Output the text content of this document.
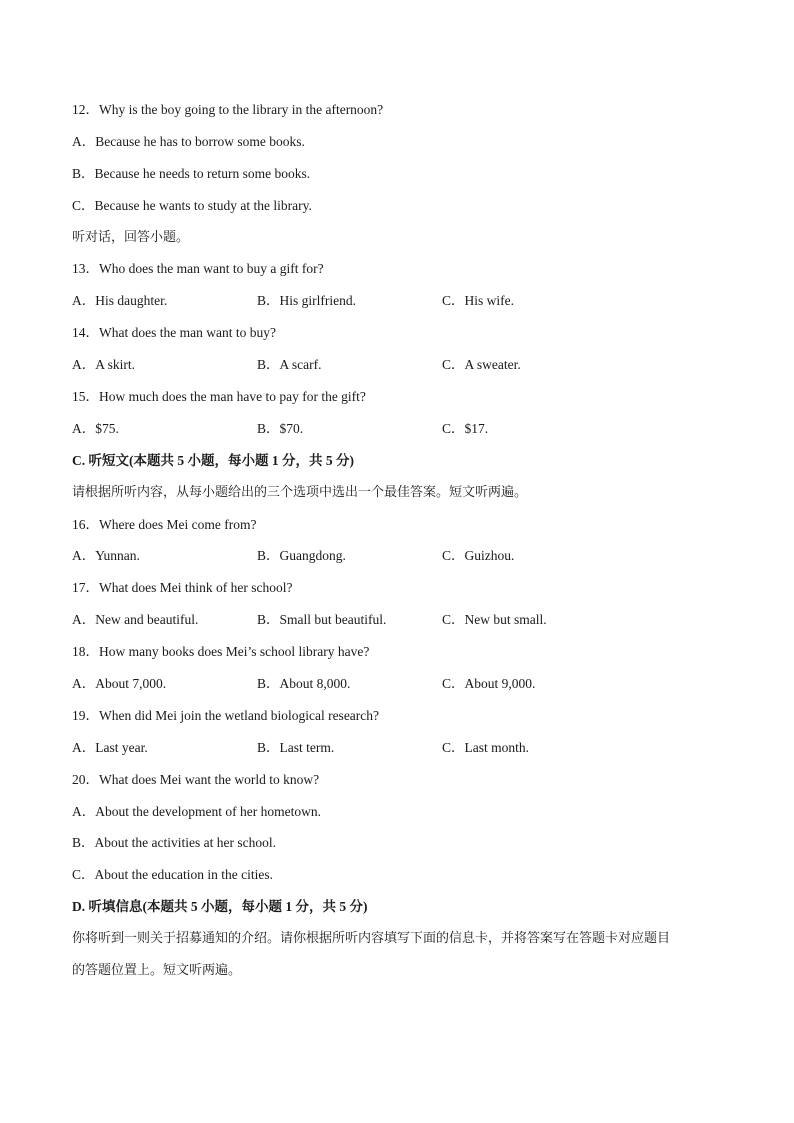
12．Why is the boy going to the library in the afternoon?
A．Because he has to borrow some books.
B．Because he needs to return some books.
C．Because he wants to study at the library.
听对话，回答小题。
13．Who does the man want to buy a gift for?
A．His daughter.	B．His girlfriend.	C．His wife.
14．What does the man want to buy?
A．A skirt.	B．A scarf.	C．A sweater.
15．How much does the man have to pay for the gift?
A．$75.	B．$70.	C．$17.
C. 听短文(本题共 5 小题，每小题 1 分，共 5 分)
请根据所听内容，从每小题给出的三个选项中选出一个最佳答案。短文听两遍。
16．Where does Mei come from?
A．Yunnan.	B．Guangdong.	C．Guizhou.
17．What does Mei think of her school?
A．New and beautiful.	B．Small but beautiful.	C．New but small.
18．How many books does Mei’s school library have?
A．About 7,000.	B．About 8,000.	C．About 9,000.
19．When did Mei join the wetland biological research?
A．Last year.	B．Last term.	C．Last month.
20．What does Mei want the world to know?
A．About the development of her hometown.
B．About the activities at her school.
C．About the education in the cities.
D. 听填信息(本题共 5 小题，每小题 1 分，共 5 分)
你将听到一则关于招募通知的介绍。请你根据所听内容填写下面的信息卡，并将答案写在答题卡对应题目
的答题位置上。短文听两遍。
